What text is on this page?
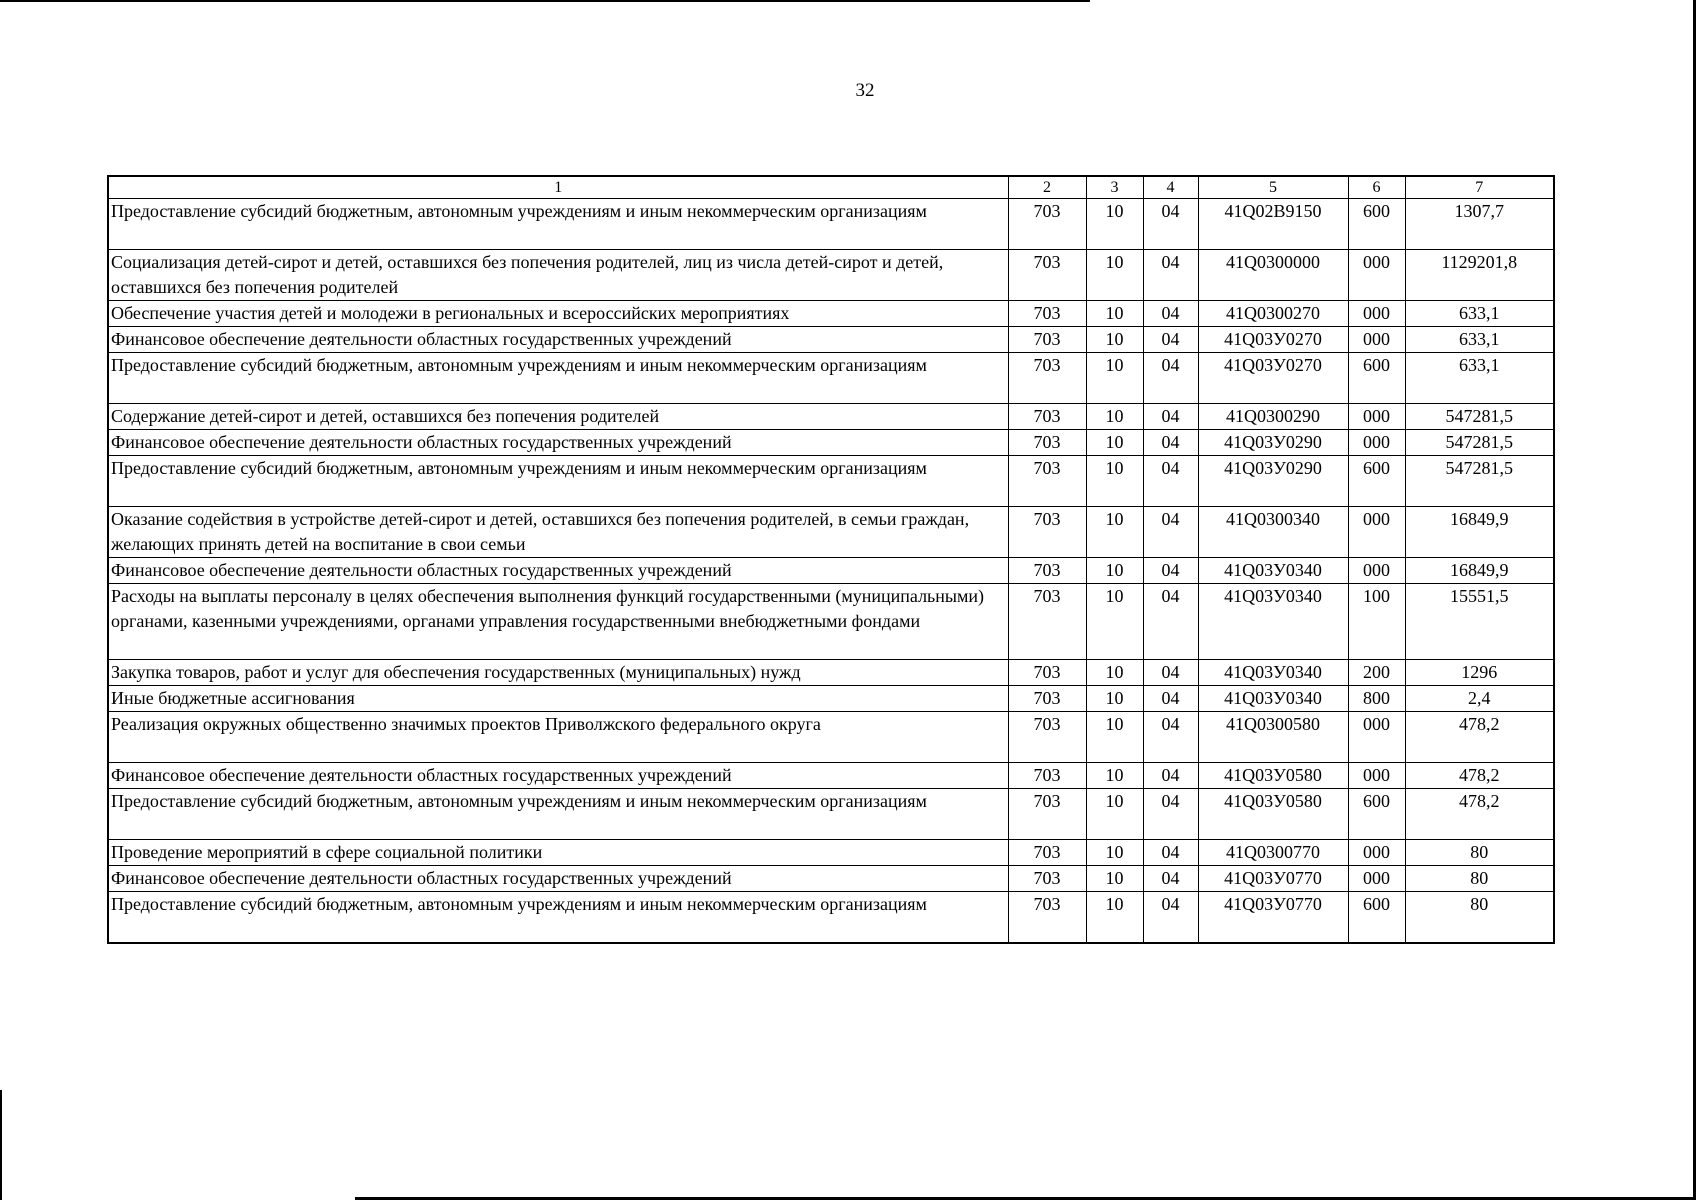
32
1	2	3	4	5	6	7
Предоставление субсидий бюджетным, автономным учреждениям и иным некоммерческим организациям	703	10	04	41Q02B9150	600	1307,7
Социализация детей-сирот и детей, оставшихся без попечения родителей, лиц из числа детей-сирот и детей, оставшихся без попечения родителей	703	10	04	41Q0300000	000	1129201,8
Обеспечение участия детей и молодежи в региональных и всероссийских мероприятиях	703	10	04	41Q0300270	000	633,1
Финансовое обеспечение деятельности областных государственных учреждений	703	10	04	41Q03У0270	000	633,1
Предоставление субсидий бюджетным, автономным учреждениям и иным некоммерческим организациям	703	10	04	41Q03У0270	600	633,1
Содержание детей-сирот и детей, оставшихся без попечения родителей	703	10	04	41Q0300290	000	547281,5
Финансовое обеспечение деятельности областных государственных учреждений	703	10	04	41Q03У0290	000	547281,5
Предоставление субсидий бюджетным, автономным учреждениям и иным некоммерческим организациям	703	10	04	41Q03У0290	600	547281,5
Оказание содействия в устройстве детей-сирот и детей, оставшихся без попечения родителей, в семьи граждан, желающих принять детей на воспитание в свои семьи	703	10	04	41Q0300340	000	16849,9
Финансовое обеспечение деятельности областных государственных учреждений	703	10	04	41Q03У0340	000	16849,9
Расходы на выплаты персоналу в целях обеспечения выполнения функций государственными (муниципальными) органами, казенными учреждениями, органами управления государственными внебюджетными фондами	703	10	04	41Q03У0340	100	15551,5
Закупка товаров, работ и услуг для обеспечения государственных (муниципальных) нужд	703	10	04	41Q03У0340	200	1296
Иные бюджетные ассигнования	703	10	04	41Q03У0340	800	2,4
Реализация окружных общественно значимых проектов Приволжского федерального округа	703	10	04	41Q0300580	000	478,2
Финансовое обеспечение деятельности областных государственных учреждений	703	10	04	41Q03У0580	000	478,2
Предоставление субсидий бюджетным, автономным учреждениям и иным некоммерческим организациям	703	10	04	41Q03У0580	600	478,2
Проведение мероприятий в сфере социальной политики	703	10	04	41Q0300770	000	80
Финансовое обеспечение деятельности областных государственных учреждений	703	10	04	41Q03У0770	000	80
Предоставление субсидий бюджетным, автономным учреждениям и иным некоммерческим организациям	703	10	04	41Q03У0770	600	80
